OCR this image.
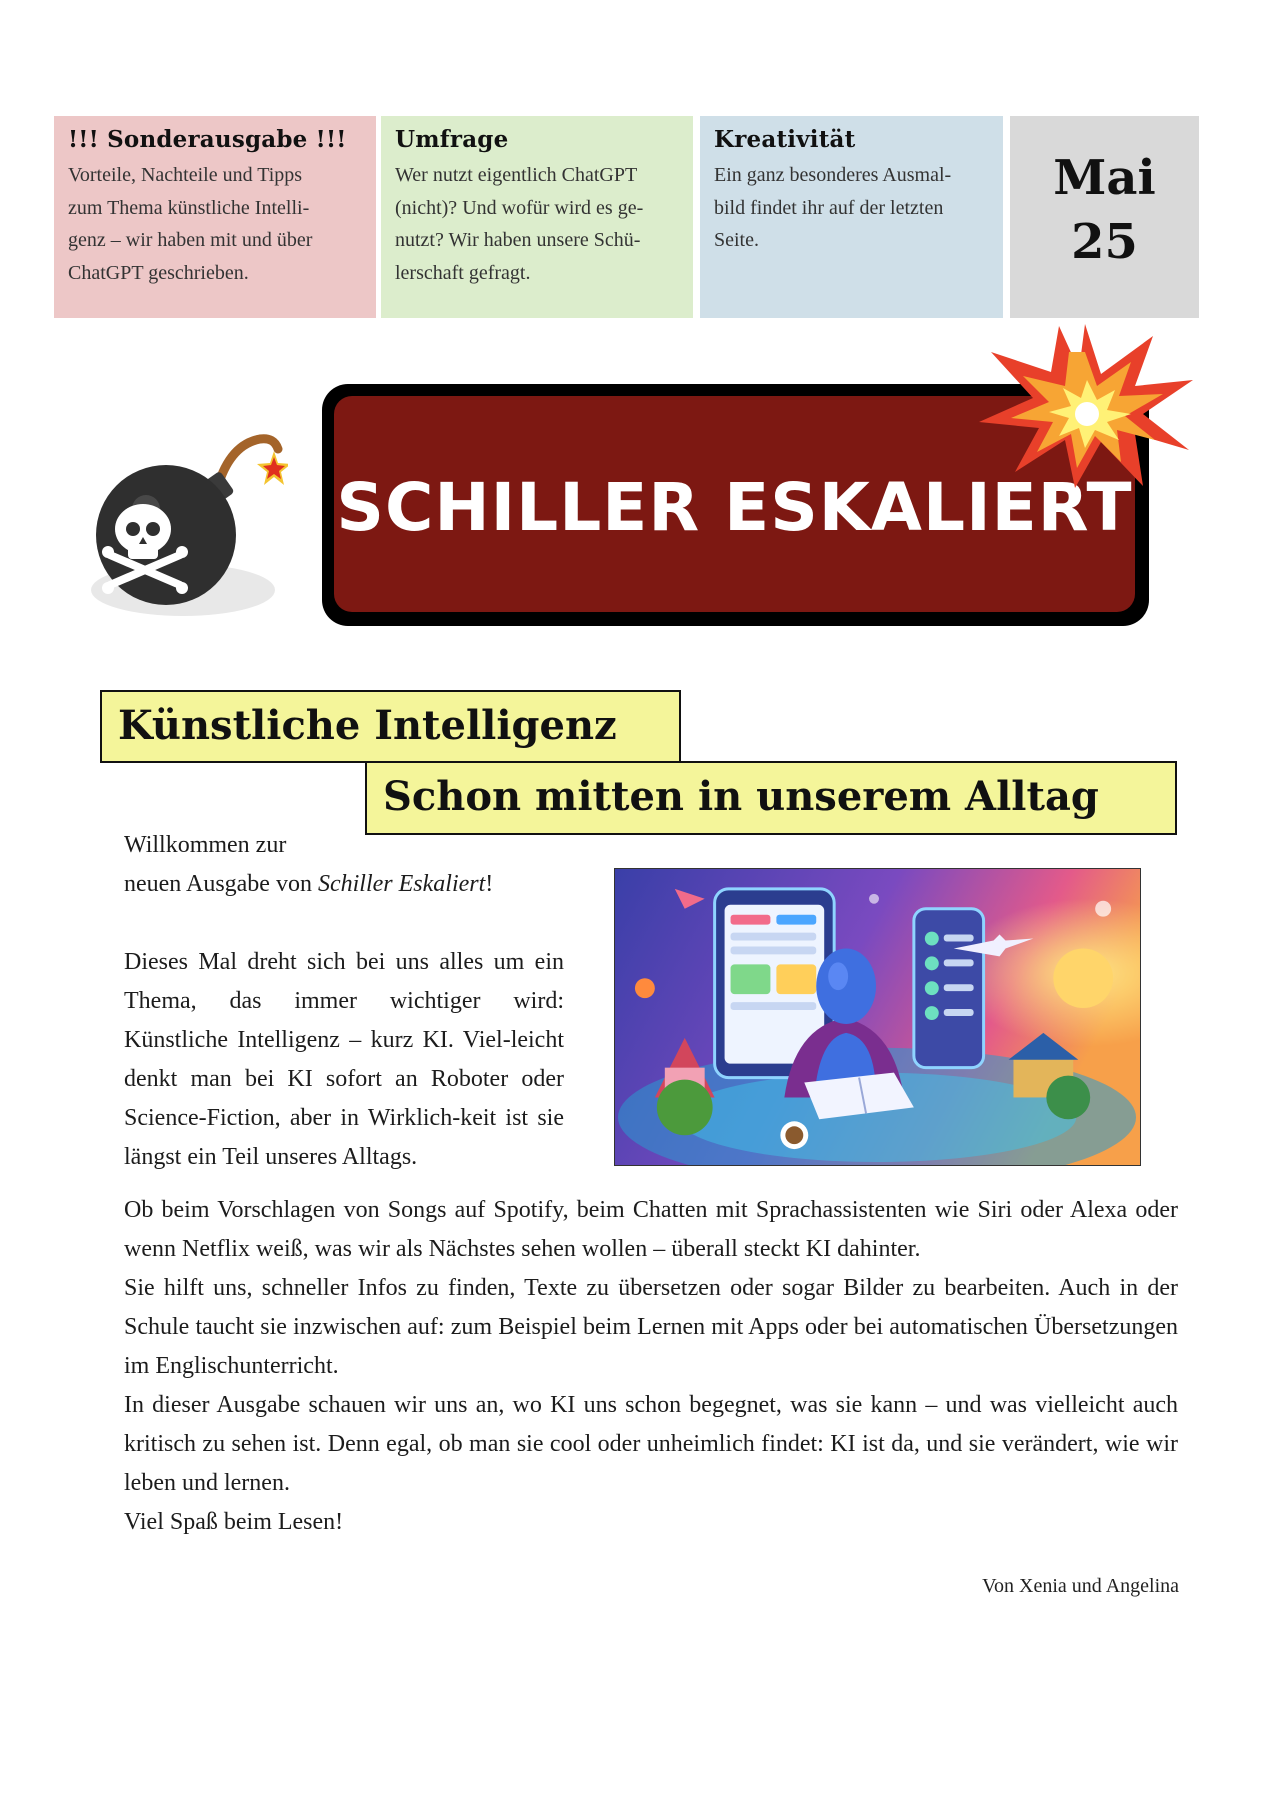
!!! Sonderausgabe !!!

Vorteile, Nachteile und Tipps
zum Thema künstliche Intelli-
genz – wir haben mit und über
ChatGPT geschrieben.

Umfrage

Wer nutzt eigentlich ChatGPT
(nicht)? Und wofür wird es ge-
nutzt? Wir haben unsere Schü-
lerschaft gefragt.

Kreativität

Ein ganz besonderes Ausmal-
bild findet ihr auf der letzten
Seite.

Mai
25
SCHILLER ESKALIERT
Künstliche Intelligenz
Schon mitten in unserem Alltag

Willkommen zur

neuen Ausgabe von Schiller Eskaliert!

Dieses Mal dreht sich bei uns alles um ein Thema, das immer wichtiger wird: Künstliche Intelligenz – kurz KI. Viel-leicht denkt man bei KI sofort an Roboter oder Science-Fiction, aber in Wirklich-keit ist sie längst ein Teil unseres Alltags.

Ob beim Vorschlagen von Songs auf Spotify, beim Chatten mit Sprachassistenten wie Siri oder Alexa oder wenn Netflix weiß, was wir als Nächstes sehen wollen – überall steckt KI dahinter.

Sie hilft uns, schneller Infos zu finden, Texte zu übersetzen oder sogar Bilder zu bearbeiten. Auch in der Schule taucht sie inzwischen auf: zum Beispiel beim Lernen mit Apps oder bei automatischen Übersetzungen im Englischunterricht.

In dieser Ausgabe schauen wir uns an, wo KI uns schon begegnet, was sie kann – und was vielleicht auch kritisch zu sehen ist. Denn egal, ob man sie cool oder unheimlich findet: KI ist da, und sie verändert, wie wir leben und lernen.

Viel Spaß beim Lesen!

Von Xenia und Angelina
